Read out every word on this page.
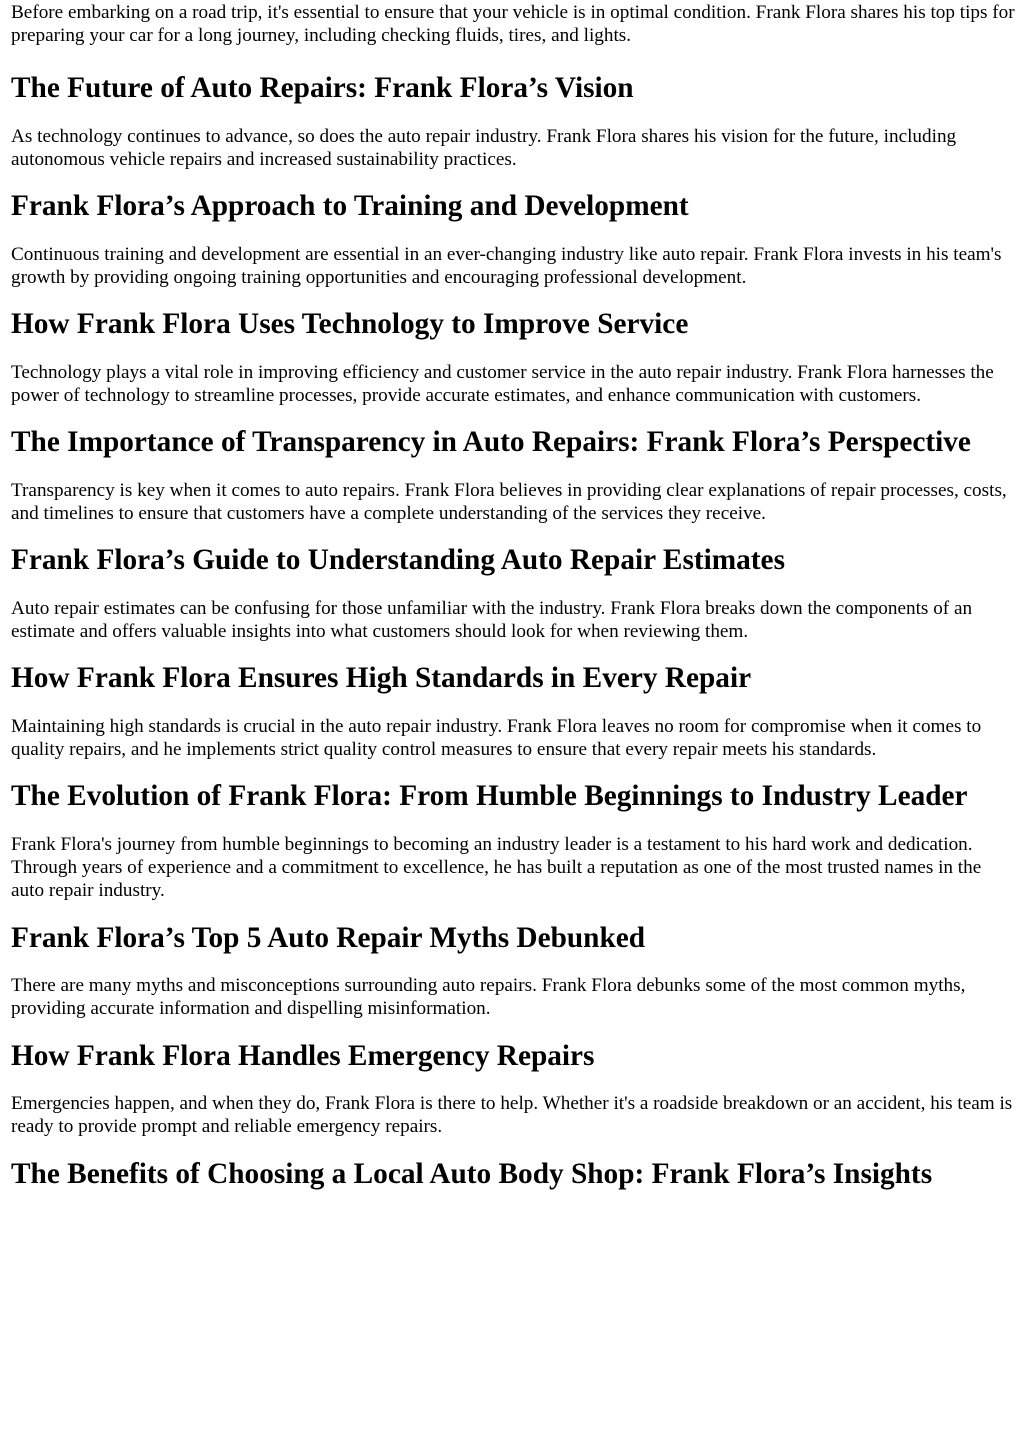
Before embarking on a road trip, it's essential to ensure that your vehicle is in optimal condition. Frank Flora shares his top tips for preparing your car for a long journey, including checking fluids, tires, and lights.

The Future of Auto Repairs: Frank Flora’s Vision

As technology continues to advance, so does the auto repair industry. Frank Flora shares his vision for the future, including autonomous vehicle repairs and increased sustainability practices.

Frank Flora’s Approach to Training and Development

Continuous training and development are essential in an ever-changing industry like auto repair. Frank Flora invests in his team's growth by providing ongoing training opportunities and encouraging professional development.

How Frank Flora Uses Technology to Improve Service

Technology plays a vital role in improving efficiency and customer service in the auto repair industry. Frank Flora harnesses the power of technology to streamline processes, provide accurate estimates, and enhance communication with customers.

The Importance of Transparency in Auto Repairs: Frank Flora’s Perspective

Transparency is key when it comes to auto repairs. Frank Flora believes in providing clear explanations of repair processes, costs, and timelines to ensure that customers have a complete understanding of the services they receive.

Frank Flora’s Guide to Understanding Auto Repair Estimates

Auto repair estimates can be confusing for those unfamiliar with the industry. Frank Flora breaks down the components of an estimate and offers valuable insights into what customers should look for when reviewing them.

How Frank Flora Ensures High Standards in Every Repair

Maintaining high standards is crucial in the auto repair industry. Frank Flora leaves no room for compromise when it comes to quality repairs, and he implements strict quality control measures to ensure that every repair meets his standards.

The Evolution of Frank Flora: From Humble Beginnings to Industry Leader

Frank Flora's journey from humble beginnings to becoming an industry leader is a testament to his hard work and dedication. Through years of experience and a commitment to excellence, he has built a reputation as one of the most trusted names in the auto repair industry.

Frank Flora’s Top 5 Auto Repair Myths Debunked

There are many myths and misconceptions surrounding auto repairs. Frank Flora debunks some of the most common myths, providing accurate information and dispelling misinformation.

How Frank Flora Handles Emergency Repairs

Emergencies happen, and when they do, Frank Flora is there to help. Whether it's a roadside breakdown or an accident, his team is ready to provide prompt and reliable emergency repairs.

The Benefits of Choosing a Local Auto Body Shop: Frank Flora’s Insights
